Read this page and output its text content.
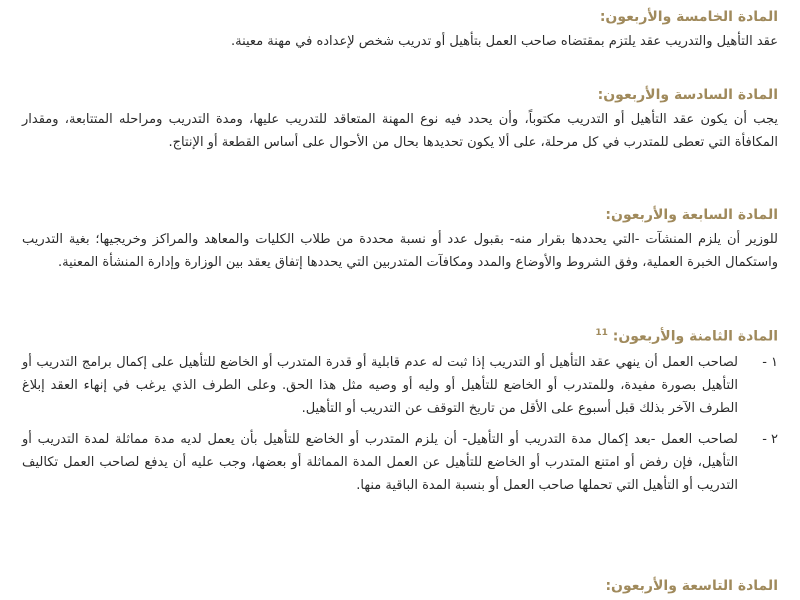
المادة الخامسة والأربعون:

عقد التأهيل والتدريب عقد يلتزم بمقتضاه صاحب العمل بتأهيل أو تدريب شخص لإعداده في مهنة معينة.

المادة السادسة والأربعون:

يجب أن يكون عقد التأهيل أو التدريب مكتوباً، وأن يحدد فيه نوع المهنة المتعاقد للتدريب عليها، ومدة التدريب ومراحله المتتابعة، ومقدار المكافأة التي تعطى للمتدرب في كل مرحلة، على ألا يكون تحديدها بحال من الأحوال على أساس القطعة أو الإنتاج.

المادة السابعة والأربعون:

للوزير أن يلزم المنشآت -التي يحددها بقرار منه- بقبول عدد أو نسبة محددة من طلاب الكليات والمعاهد والمراكز وخريجيها؛ بغية التدريب واستكمال الخبرة العملية، وفق الشروط والأوضاع والمدد ومكافآت المتدربين التي يحددها إتفاق يعقد بين الوزارة وإدارة المنشأة المعنية.

المادة الثامنة والأربعون: $^{11}$
١ -
لصاحب العمل أن ينهي عقد التأهيل أو التدريب إذا ثبت له عدم قابلية أو قدرة المتدرب أو الخاضع للتأهيل على إكمال برامج التدريب أو التأهيل بصورة مفيدة، وللمتدرب أو الخاضع للتأهيل أو وليه أو وصيه مثل هذا الحق. وعلى الطرف الذي يرغب في إنهاء العقد إبلاغ الطرف الآخر بذلك قبل أسبوع على الأقل من تاريخ التوقف عن التدريب أو التأهيل.
٢ -
لصاحب العمل -بعد إكمال مدة التدريب أو التأهيل- أن يلزم المتدرب أو الخاضع للتأهيل بأن يعمل لديه مدة مماثلة لمدة التدريب أو التأهيل، فإن رفض أو امتنع المتدرب أو الخاضع للتأهيل عن العمل المدة المماثلة أو بعضها، وجب عليه أن يدفع لصاحب العمل تكاليف التدريب أو التأهيل التي تحملها صاحب العمل أو بنسبة المدة الباقية منها.
المادة التاسعة والأربعون:
